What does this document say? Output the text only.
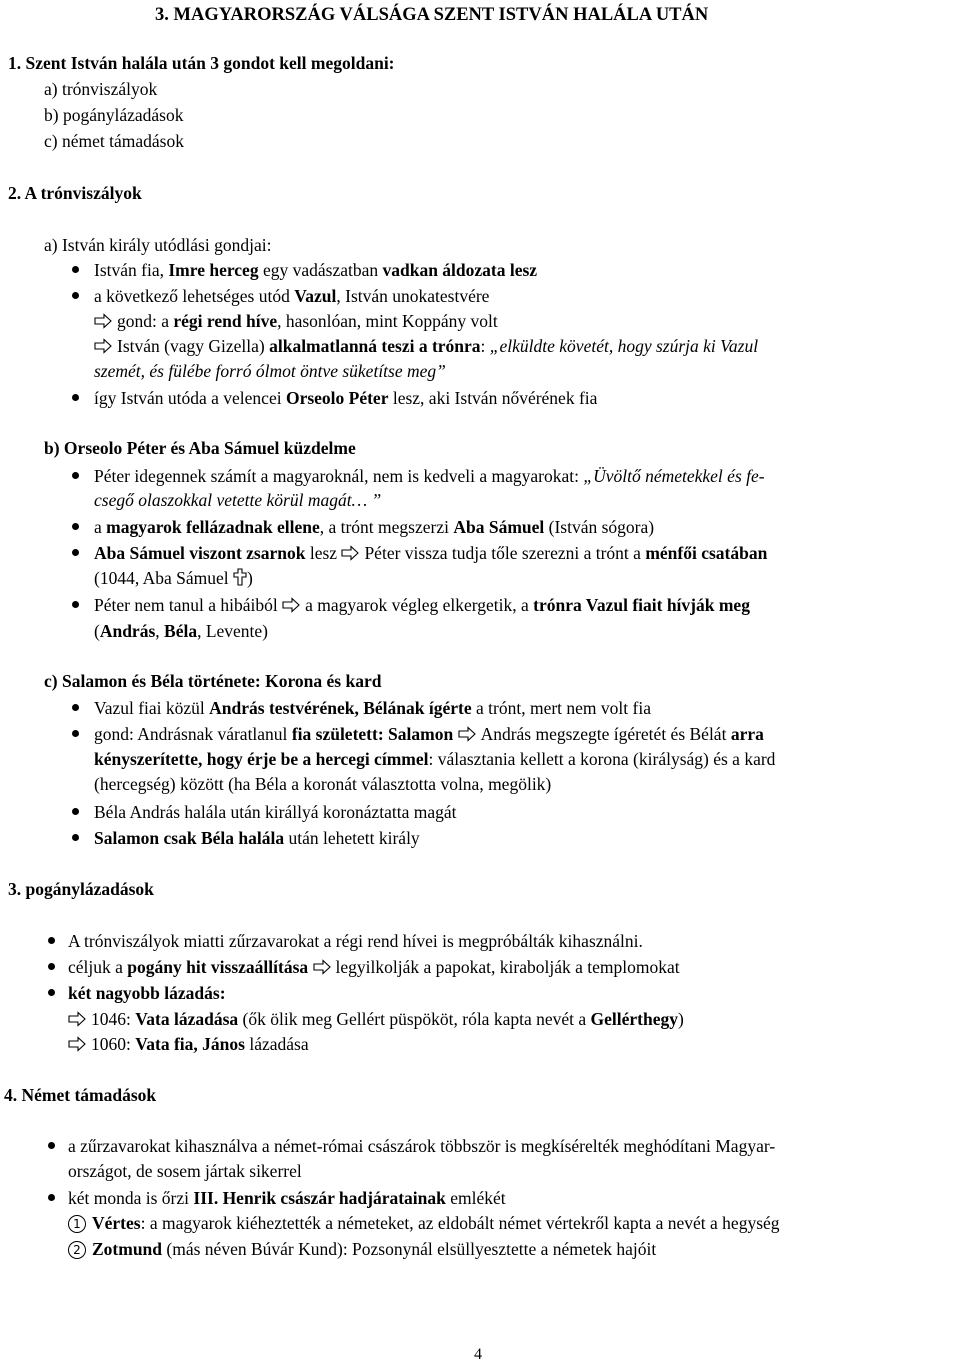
3. MAGYARORSZÁG VÁLSÁGA SZENT ISTVÁN HALÁLA UTÁN
1. Szent István halála után 3 gondot kell megoldani:
a) trónviszályok
b) pogánylázadások
c) német támadások
2. A trónviszályok
a) István király utódlási gondjai:
István fia, Imre herceg egy vadászatban vadkan áldozata lesz
a következő lehetséges utód Vazul, István unokatestvére
gond: a régi rend híve, hasonlóan, mint Koppány volt
István (vagy Gizella) alkalmatlanná teszi a trónra: „elküldte követét, hogy szúrja ki Vazul
szemét, és fülébe forró ólmot öntve süketítse meg”
így István utóda a velencei Orseolo Péter lesz, aki István nővérének fia
b) Orseolo Péter és Aba Sámuel küzdelme
Péter idegennek számít a magyaroknál, nem is kedveli a magyarokat: „Üvöltő németekkel és fe-
csegő olaszokkal vetette körül magát… ”
a magyarok fellázadnak ellene, a trónt megszerzi Aba Sámuel (István sógora)
Aba Sámuel viszont zsarnok lesz Péter vissza tudja tőle szerezni a trónt a ménfői csatában
(1044, Aba Sámuel )
Péter nem tanul a hibáiból a magyarok végleg elkergetik, a trónra Vazul fiait hívják meg
(András, Béla, Levente)
c) Salamon és Béla története: Korona és kard
Vazul fiai közül András testvérének, Bélának ígérte a trónt, mert nem volt fia
gond: Andrásnak váratlanul fia született: Salamon András megszegte ígéretét és Bélát arra
kényszerítette, hogy érje be a hercegi címmel: választania kellett a korona (királyság) és a kard
(hercegség) között (ha Béla a koronát választotta volna, megölik)
Béla András halála után királlyá koronáztatta magát
Salamon csak Béla halála után lehetett király
3. pogánylázadások
A trónviszályok miatti zűrzavarokat a régi rend hívei is megpróbálták kihasználni.
céljuk a pogány hit visszaállítása legyilkolják a papokat, kirabolják a templomokat
két nagyobb lázadás:
1046: Vata lázadása (ők ölik meg Gellért püspököt, róla kapta nevét a Gellérthegy)
1060: Vata fia, János lázadása
4. Német támadások
a zűrzavarokat kihasználva a német-római császárok többször is megkísérelték meghódítani Magyar-
országot, de sosem jártak sikerrel
két monda is őrzi III. Henrik császár hadjáratainak emlékét
1 Vértes: a magyarok kiéheztették a németeket, az eldobált német vértekről kapta a nevét a hegység
2 Zotmund (más néven Búvár Kund): Pozsonynál elsüllyesztette a németek hajóit
4
